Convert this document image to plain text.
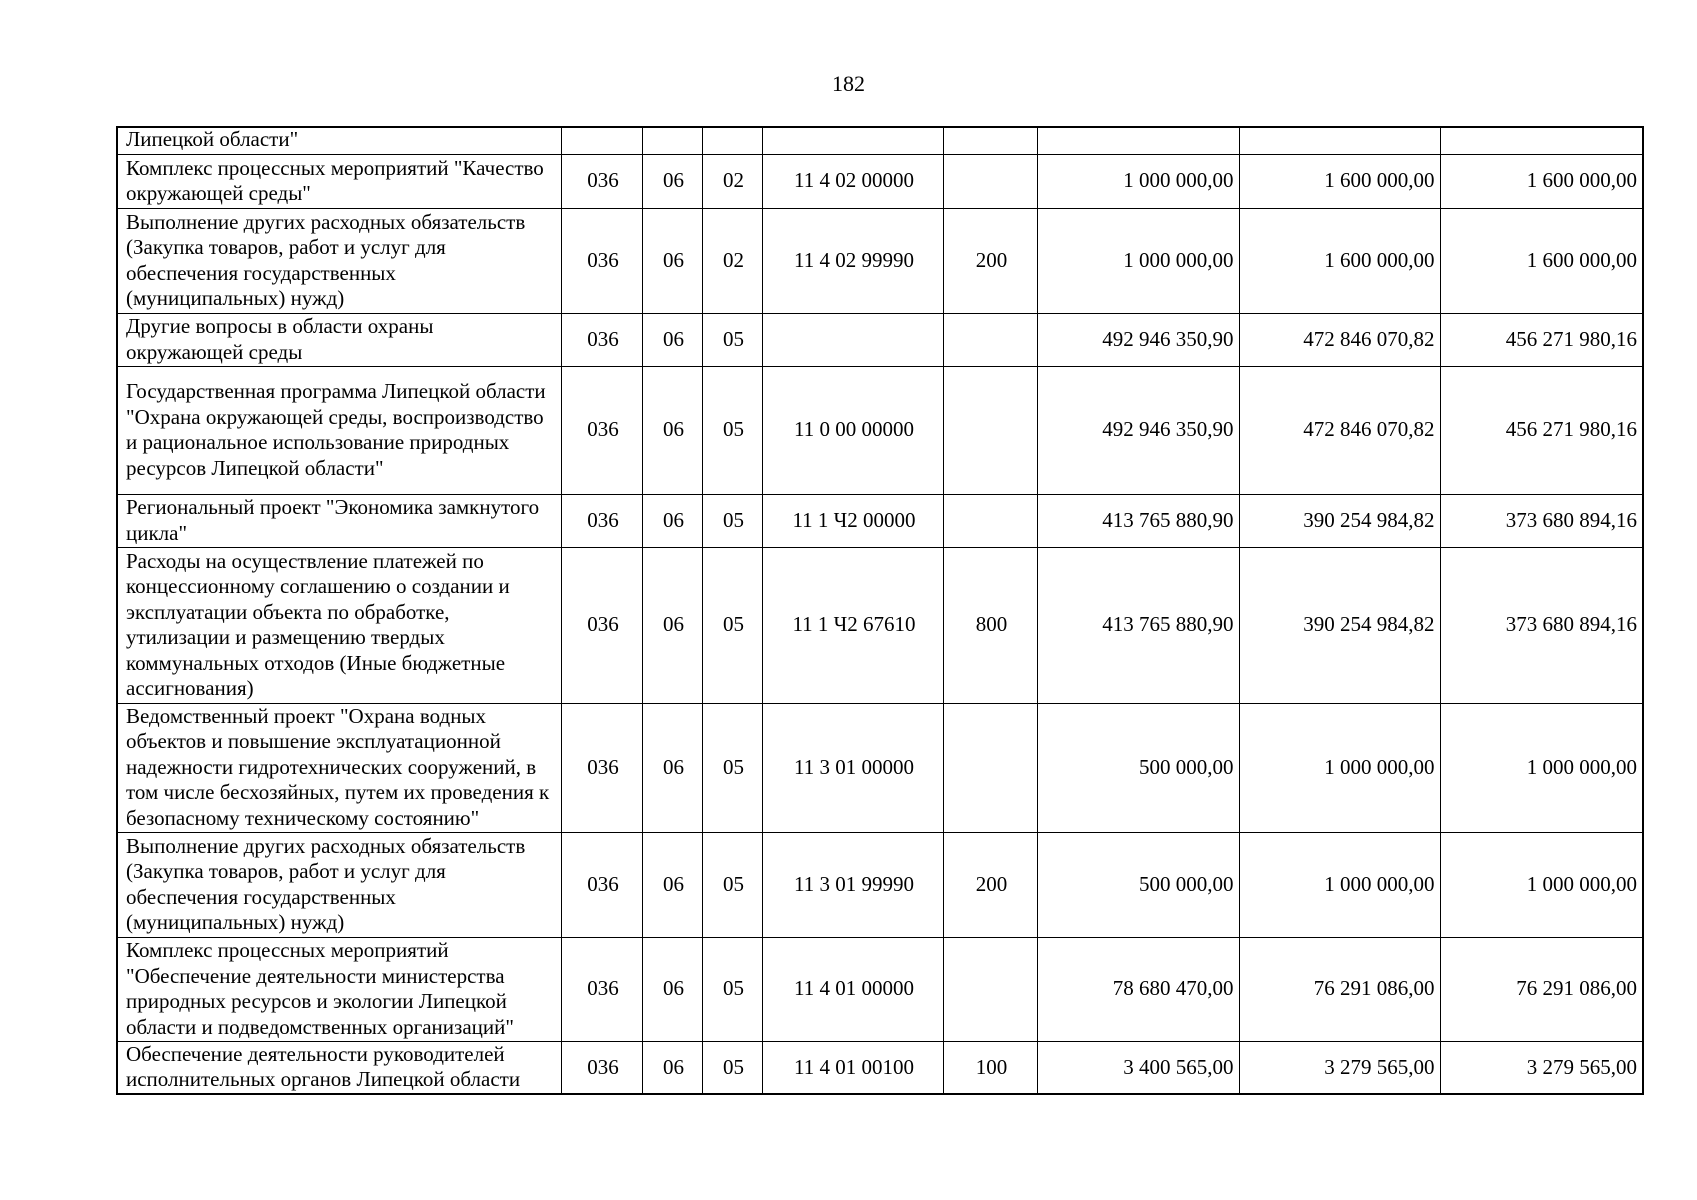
182
Липецкой области"								
Комплекс процессных мероприятий "Качество окружающей среды"	036	06	02	11 4 02 00000		1 000 000,00	1 600 000,00	1 600 000,00
Выполнение других расходных обязательств (Закупка товаров, работ и услуг для обеспечения государственных (муниципальных) нужд)	036	06	02	11 4 02 99990	200	1 000 000,00	1 600 000,00	1 600 000,00
Другие вопросы в области охраны окружающей среды	036	06	05			492 946 350,90	472 846 070,82	456 271 980,16
Государственная программа Липецкой области "Охрана окружающей среды, воспроизводство и рациональное использование природных ресурсов Липецкой области"	036	06	05	11 0 00 00000		492 946 350,90	472 846 070,82	456 271 980,16
Региональный проект "Экономика замкнутого цикла"	036	06	05	11 1 Ч2 00000		413 765 880,90	390 254 984,82	373 680 894,16
Расходы на осуществление платежей по концессионному соглашению о создании и эксплуатации объекта по обработке, утилизации и размещению твердых коммунальных отходов (Иные бюджетные ассигнования)	036	06	05	11 1 Ч2 67610	800	413 765 880,90	390 254 984,82	373 680 894,16
Ведомственный проект "Охрана водных объектов и повышение эксплуатационной надежности гидротехнических сооружений, в том числе бесхозяйных, путем их проведения к безопасному техническому состоянию"	036	06	05	11 3 01 00000		500 000,00	1 000 000,00	1 000 000,00
Выполнение других расходных обязательств (Закупка товаров, работ и услуг для обеспечения государственных (муниципальных) нужд)	036	06	05	11 3 01 99990	200	500 000,00	1 000 000,00	1 000 000,00
Комплекс процессных мероприятий "Обеспечение деятельности министерства природных ресурсов и экологии Липецкой области и подведомственных организаций"	036	06	05	11 4 01 00000		78 680 470,00	76 291 086,00	76 291 086,00
Обеспечение деятельности руководителей исполнительных органов Липецкой области	036	06	05	11 4 01 00100	100	3 400 565,00	3 279 565,00	3 279 565,00
